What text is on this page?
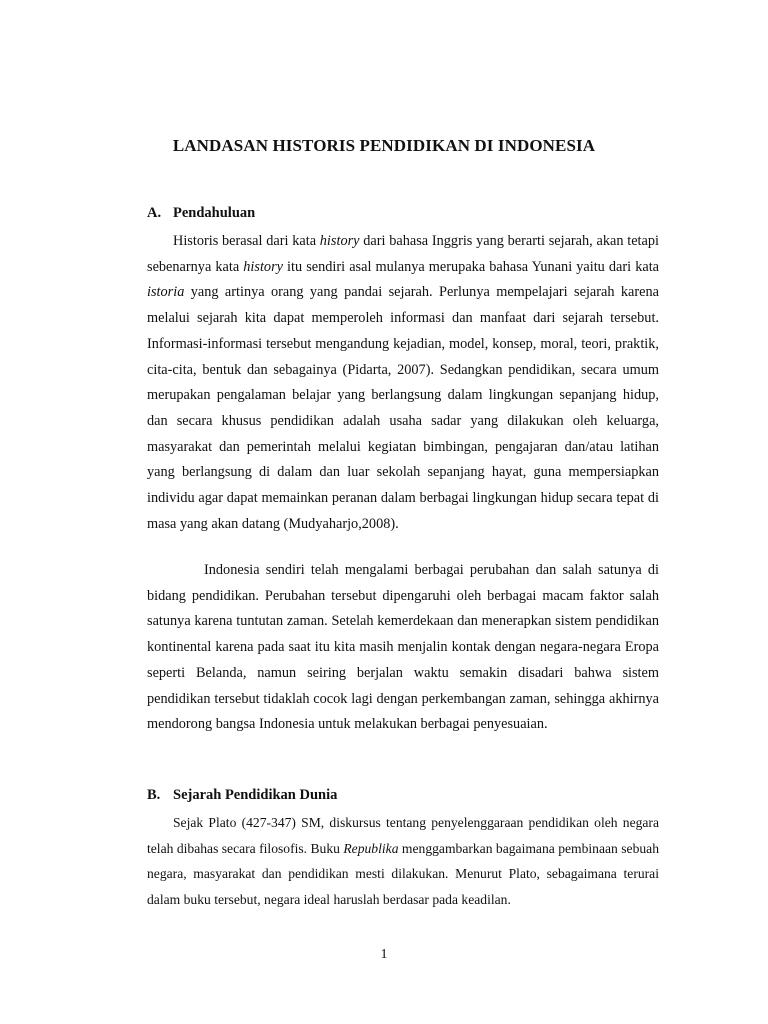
LANDASAN HISTORIS PENDIDIKAN DI INDONESIA
A. Pendahuluan

Historis berasal dari kata history dari bahasa Inggris yang berarti sejarah, akan tetapi sebenarnya kata history itu sendiri asal mulanya merupaka bahasa Yunani yaitu dari kata istoria yang artinya orang yang pandai sejarah. Perlunya mempelajari sejarah karena melalui sejarah kita dapat memperoleh informasi dan manfaat dari sejarah tersebut. Informasi-informasi tersebut mengandung kejadian, model, konsep, moral, teori, praktik, cita-cita, bentuk dan sebagainya (Pidarta, 2007). Sedangkan pendidikan, secara umum merupakan pengalaman belajar yang berlangsung dalam lingkungan sepanjang hidup, dan secara khusus pendidikan adalah usaha sadar yang dilakukan oleh keluarga, masyarakat dan pemerintah melalui kegiatan bimbingan, pengajaran dan/atau latihan yang berlangsung di dalam dan luar sekolah sepanjang hayat, guna mempersiapkan individu agar dapat memainkan peranan dalam berbagai lingkungan hidup secara tepat di masa yang akan datang (Mudyaharjo,2008).

Indonesia sendiri telah mengalami berbagai perubahan dan salah satunya di bidang pendidikan. Perubahan tersebut dipengaruhi oleh berbagai macam faktor salah satunya karena tuntutan zaman. Setelah kemerdekaan dan menerapkan sistem pendidikan kontinental karena pada saat itu kita masih menjalin kontak dengan negara-negara Eropa seperti Belanda, namun seiring berjalan waktu semakin disadari bahwa sistem pendidikan tersebut tidaklah cocok lagi dengan perkembangan zaman, sehingga akhirnya mendorong bangsa Indonesia untuk melakukan berbagai penyesuaian.

B. Sejarah Pendidikan Dunia

Sejak Plato (427-347) SM, diskursus tentang penyelenggaraan pendidikan oleh negara telah dibahas secara filosofis. Buku Republika menggambarkan bagaimana pembinaan sebuah negara, masyarakat dan pendidikan mesti dilakukan. Menurut Plato, sebagaimana terurai dalam buku tersebut, negara ideal haruslah berdasar pada keadilan.

1
